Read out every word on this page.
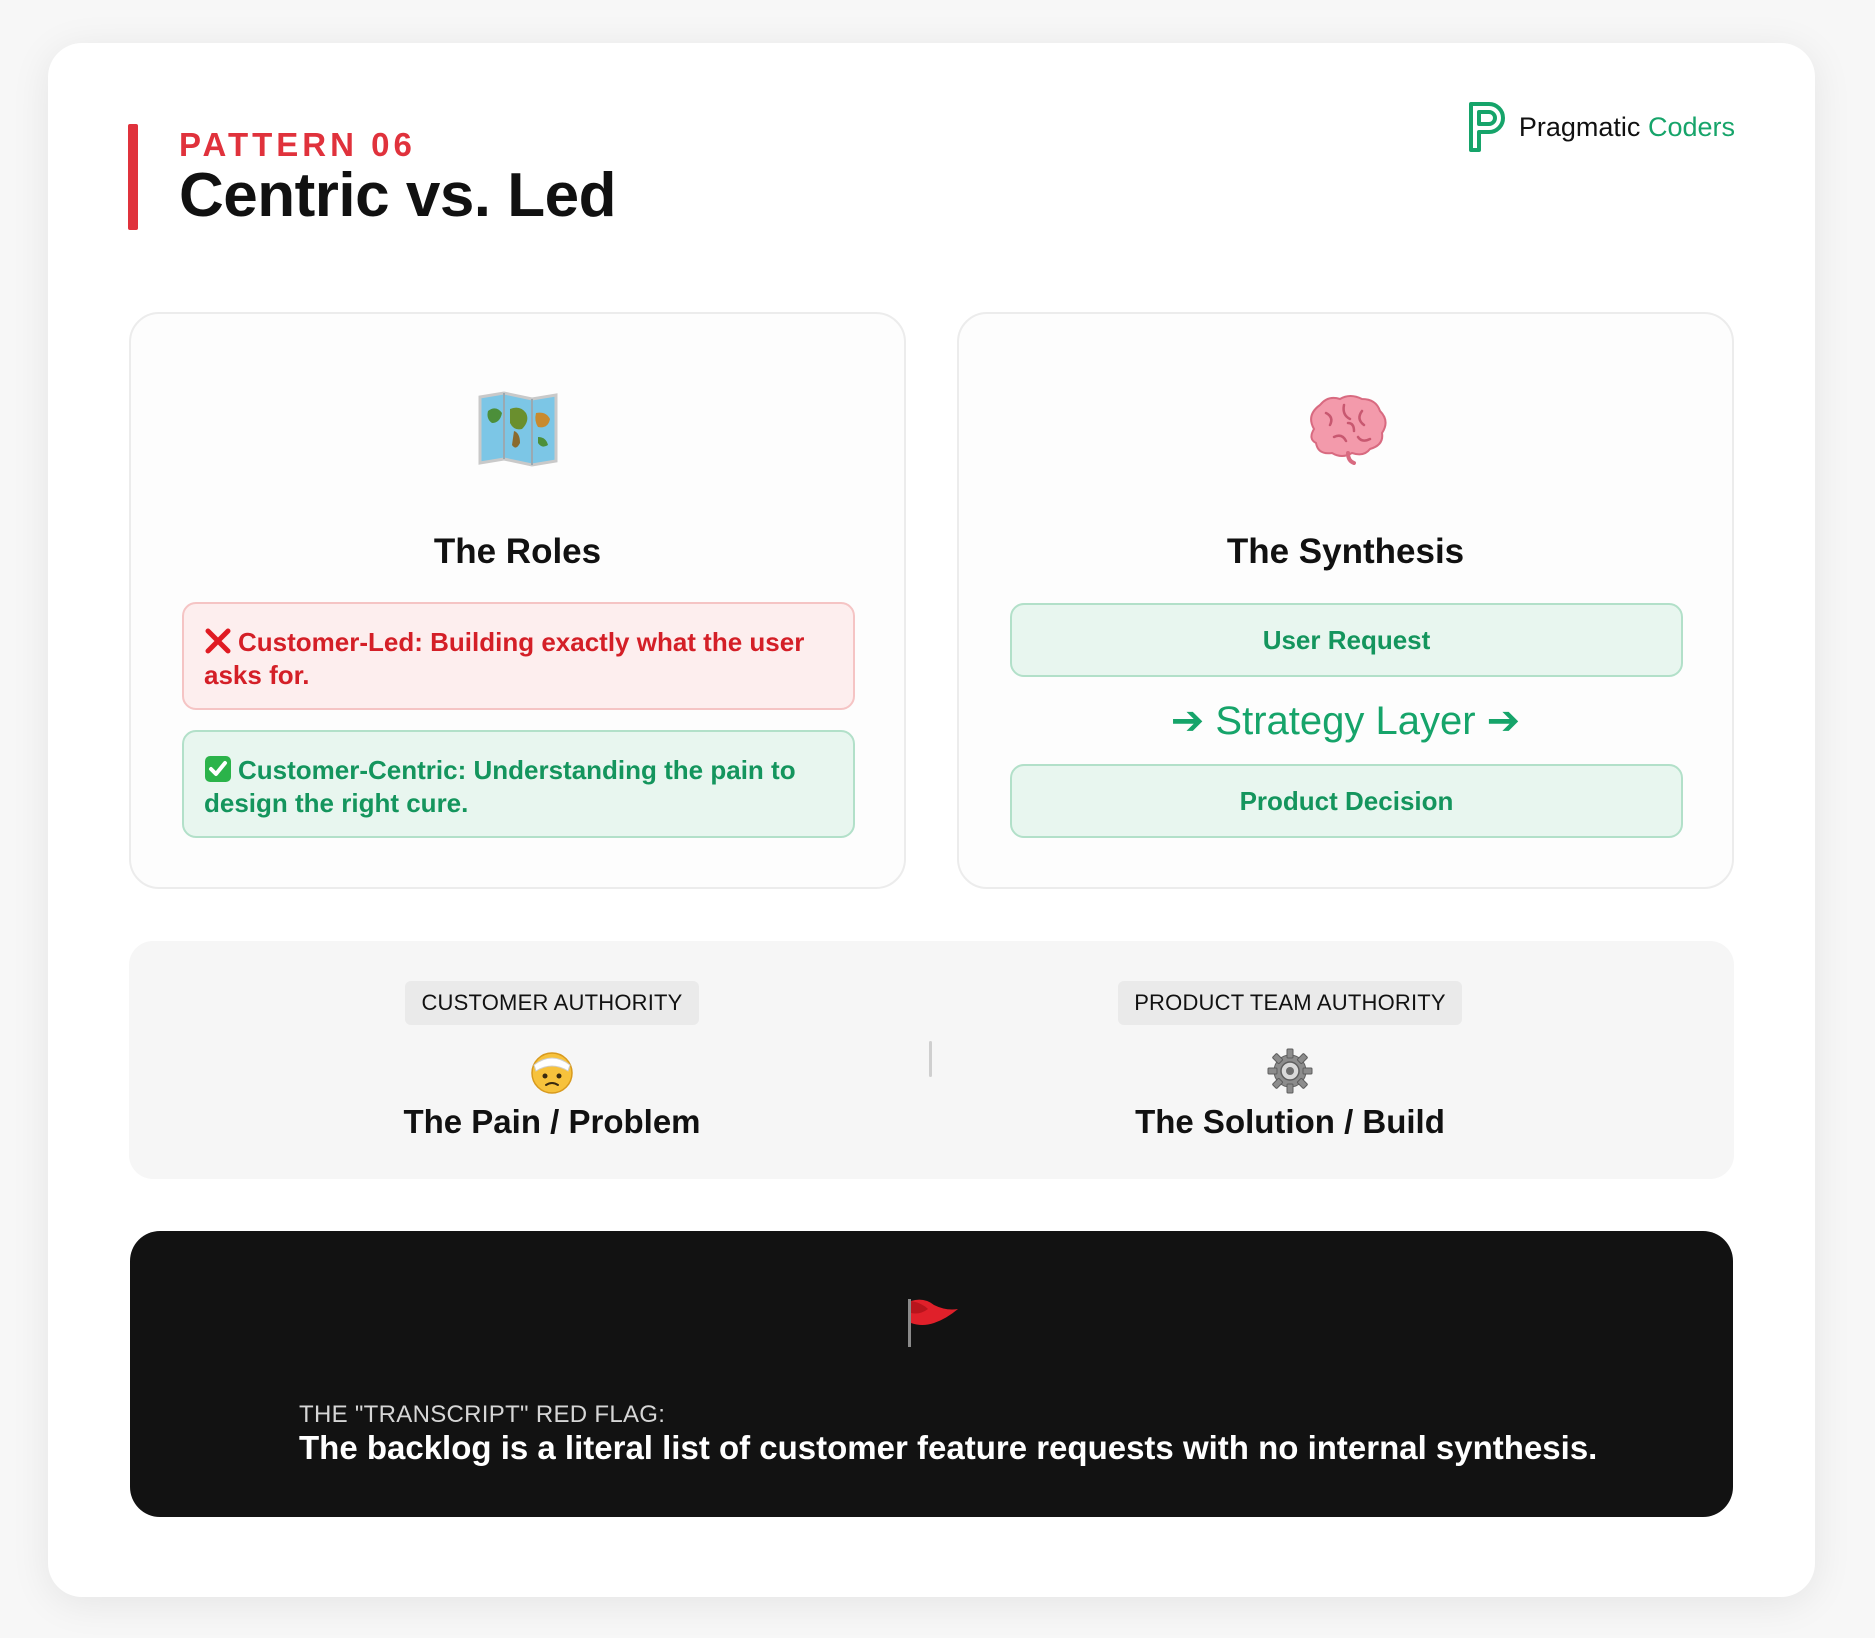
PATTERN 06
Centric vs. Led
Pragmatic Coders
The Roles
Customer-Led: Building exactly what the user asks for.
Customer-Centric: Understanding the pain to design the right cure.
The Synthesis
User Request
➔ Strategy Layer ➔
Product Decision
CUSTOMER AUTHORITY
The Pain / Problem
PRODUCT TEAM AUTHORITY
The Solution / Build
THE "TRANSCRIPT" RED FLAG:
The backlog is a literal list of customer feature requests with no internal synthesis.
